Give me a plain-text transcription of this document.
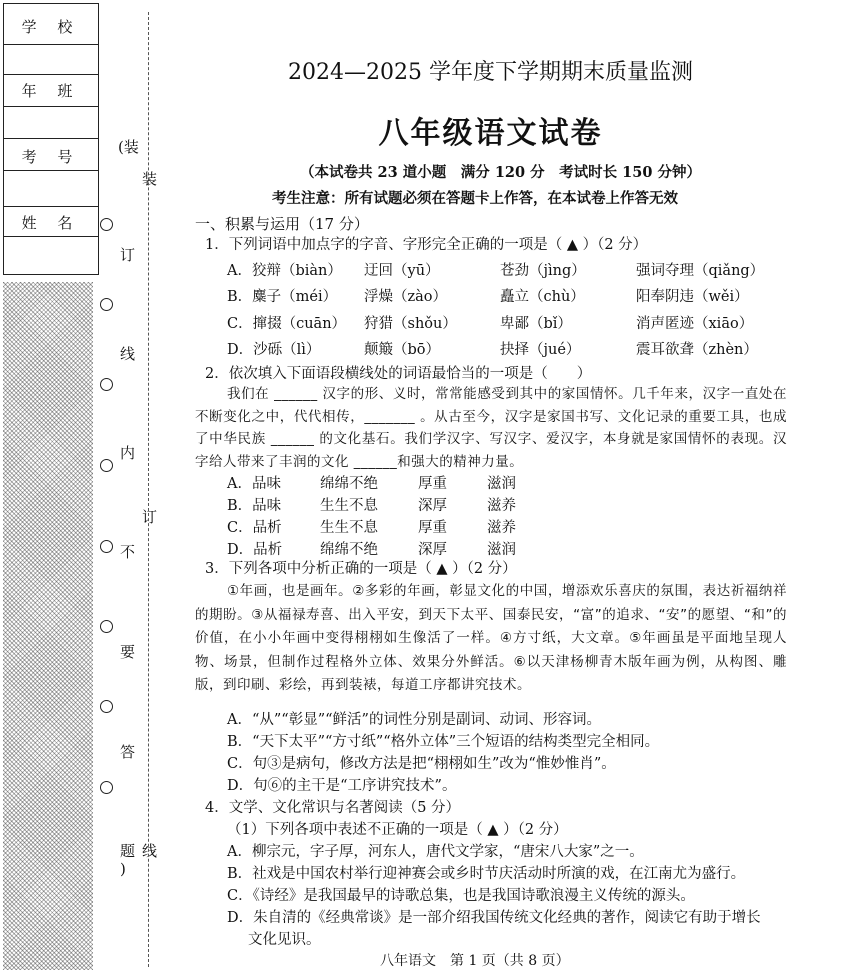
学 校
年 班
考 号
姓 名
(装
订
线
内
不
要
答
题
)
装
订
线
2024—2025 学年度下学期期末质量监测
八年级语文试卷
（本试卷共 23 道小题　满分 120 分　考试时长 150 分钟）
考生注意：所有试题必须在答题卡上作答，在本试卷上作答无效
一、积累与运用（17 分）
1．下列词语中加点字的字音、字形完全正确的一项是（ ▲ ）（2 分）
A．狡辩（biàn） 迂回（yū）	苍劲（jìng）	强词夺理（qiǎng）
B．麋子（méi） 浮燥（zào）	矗立（chù）	阳奉阴违（wěi）
C．撺掇（cuān） 狩猎（shǒu）	卑鄙（bǐ）	消声匿迹（xiāo）
D．沙砾（lì）	颠簸（bō）	抉择（jué）	震耳欲聋（zhèn）
2．依次填入下面语段横线处的词语最恰当的一项是（　　）
我们在 ______ 汉字的形、义时，常常能感受到其中的家国情怀。几千年来，汉字一直处在不断变化之中，代代相传，_______ 。从古至今，汉字是家国书写、文化记录的重要工具，也成了中华民族 ______ 的文化基石。我们学汉字、写汉字、爱汉字，本身就是家国情怀的表现。汉字给人带来了丰润的文化 ______和强大的精神力量。
A．品味	绵绵不绝	厚重	滋润
B．品味	生生不息	深厚	滋养
C．品析	生生不息	厚重	滋养
D．品析	绵绵不绝	深厚	滋润
3．下列各项中分析正确的一项是（ ▲ ）（2 分）
①年画，也是画年。②多彩的年画，彰显文化的中国，增添欢乐喜庆的氛围，表达祈福纳祥的期盼。③从福禄寿喜、出入平安，到天下太平、国泰民安，“富”的追求、“安”的愿望、“和”的价值，在小小年画中变得栩栩如生像活了一样。④方寸纸，大文章。⑤年画虽是平面地呈现人物、场景，但制作过程格外立体、效果分外鲜活。⑥以天津杨柳青木版年画为例，从构图、雕版，到印刷、彩绘，再到装裱，每道工序都讲究技术。
A．“从”“彰显”“鲜活”的词性分别是副词、动词、形容词。
B．“天下太平”“方寸纸”“格外立体”三个短语的结构类型完全相同。
C．句③是病句，修改方法是把“栩栩如生”改为“惟妙惟肖”。
D．句⑥的主干是“工序讲究技术”。
4．文学、文化常识与名著阅读（5 分）
（1）下列各项中表述不正确的一项是（ ▲ ）（2 分）
A．柳宗元，字子厚，河东人，唐代文学家，“唐宋八大家”之一。
B．社戏是中国农村举行迎神赛会或乡时节庆活动时所演的戏，在江南尤为盛行。
C．《诗经》是我国最早的诗歌总集，也是我国诗歌浪漫主义传统的源头。
D．朱自清的《经典常谈》是一部介绍我国传统文化经典的著作，阅读它有助于增长
文化见识。
八年语文　第 1 页（共 8 页）
